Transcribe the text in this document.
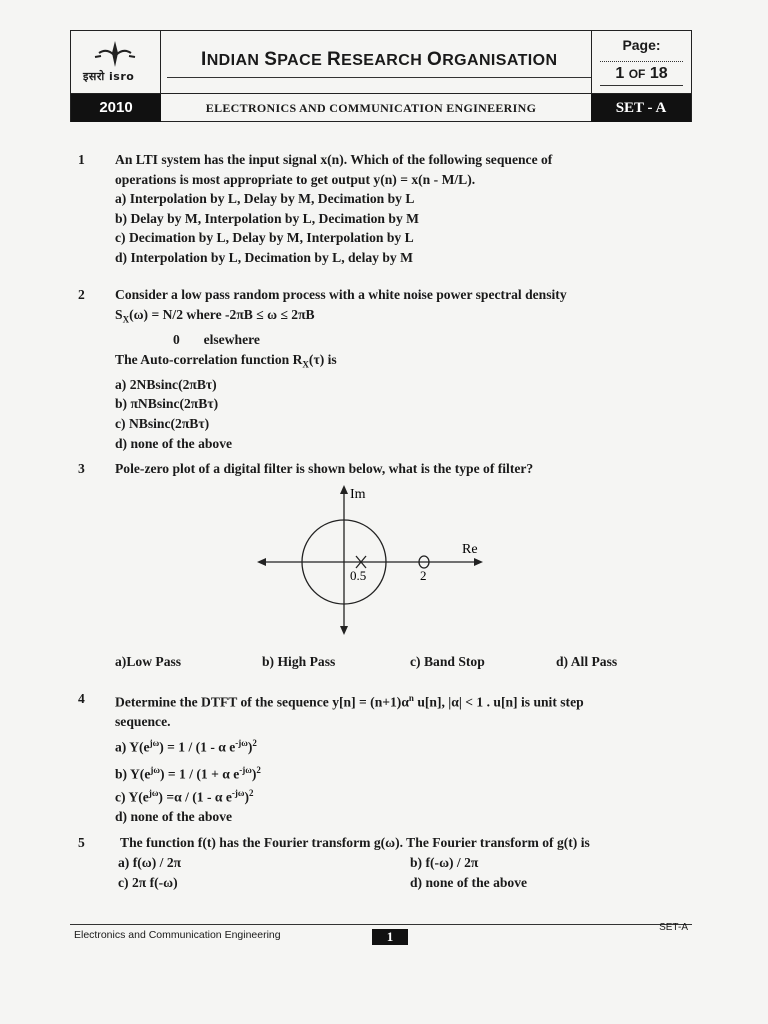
इसरो isro
INDIAN SPACE RESEARCH ORGANISATION
Page:
1 OF 18
2010	ELECTRONICS AND COMMUNICATION ENGINEERING	SET - A
1 An LTI system has the input signal x(n). Which of the following sequence of
operations is most appropriate to get output y(n) = x(n - M/L).
a) Interpolation by L, Delay by M, Decimation by L
b) Delay by M, Interpolation by L, Decimation by M
c) Decimation by L, Delay by M, Interpolation by L
d) Interpolation by L, Decimation by L, delay by M
2 Consider a low pass random process with a white noise power spectral density
$S_X(\omega) = N/2$ where -2πB ≤ ω ≤ 2πB
0       elsewhere
The Auto-correlation function $R_X(\tau)$ is
a) 2NBsinc(2πBτ)
b) πNBsinc(2πBτ)
c) NBsinc(2πBτ)
d) none of the above
3 Pole-zero plot of a digital filter is shown below, what is the type of filter?
Im
Re
0.5	2
a)Low Pass	b) High Pass	c) Band Stop	d) All Pass
4 Determine the DTFT of the sequence $y[n] = (n+1)\alpha^n$ u[n], |α| < 1 . u[n] is unit step
sequence.
a) $Y(e^{j\omega}) = 1 / (1 - \alpha$ $e^{-j\omega})^2$
b) $Y(e^{j\omega}) = 1 / (1 + \alpha$ $e^{-j\omega})^2$
c) $Y(e^{j\omega}) =\alpha / (1 - \alpha$ $e^{-j\omega})^2$
d) none of the above
5	The function f(t) has the Fourier transform g(ω). The Fourier transform of g(t) is
a) f(ω) / 2π	b) f(-ω) / 2π
c) 2π f(-ω)	d) none of the above
Electronics and Communication Engineering	1
SET-A
